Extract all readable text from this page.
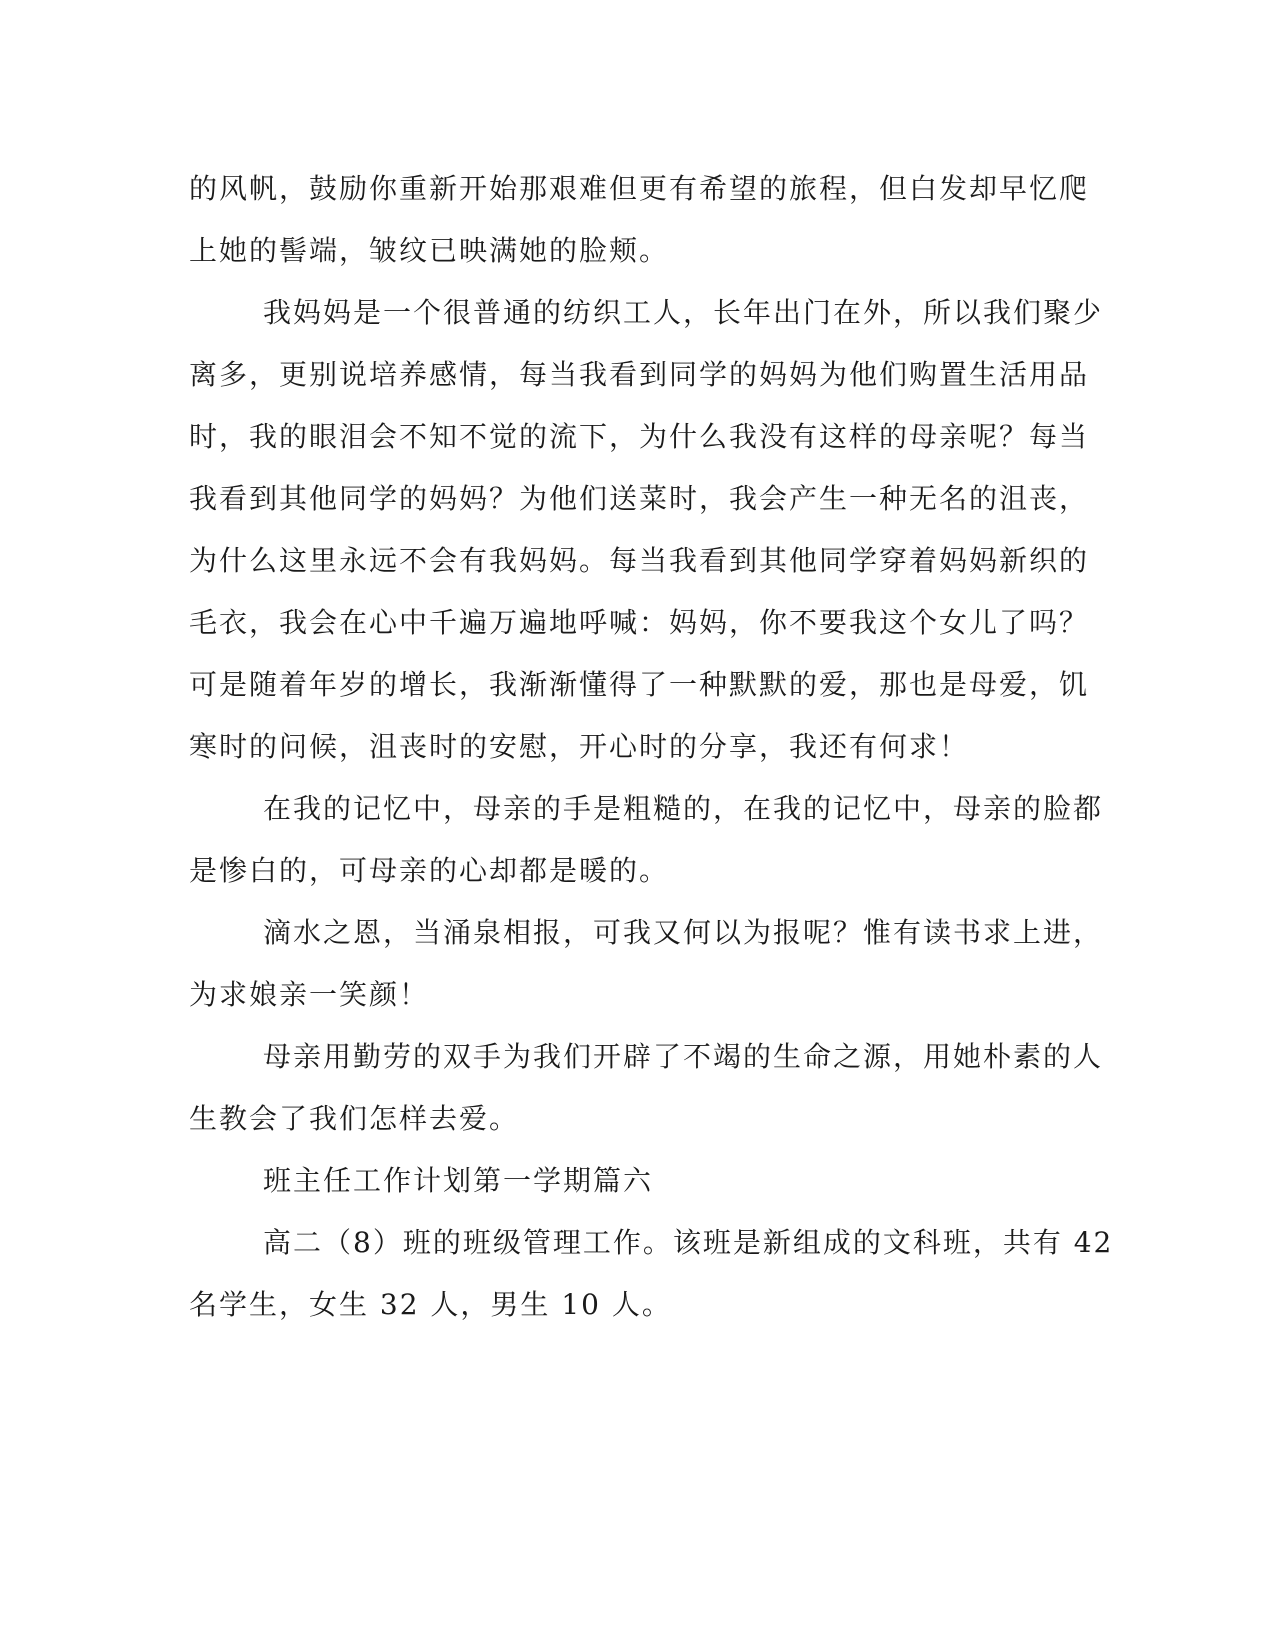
的风帆，鼓励你重新开始那艰难但更有希望的旅程，但白发却早忆爬
上她的髻端，皱纹已映满她的脸颊。
我妈妈是一个很普通的纺织工人，长年出门在外，所以我们聚少
离多，更别说培养感情，每当我看到同学的妈妈为他们购置生活用品
时，我的眼泪会不知不觉的流下，为什么我没有这样的母亲呢？每当
我看到其他同学的妈妈？为他们送菜时，我会产生一种无名的沮丧，
为什么这里永远不会有我妈妈。每当我看到其他同学穿着妈妈新织的
毛衣，我会在心中千遍万遍地呼喊：妈妈，你不要我这个女儿了吗？
可是随着年岁的增长，我渐渐懂得了一种默默的爱，那也是母爱，饥
寒时的问候，沮丧时的安慰，开心时的分享，我还有何求！
在我的记忆中，母亲的手是粗糙的，在我的记忆中，母亲的脸都
是惨白的，可母亲的心却都是暖的。
滴水之恩，当涌泉相报，可我又何以为报呢？惟有读书求上进，
为求娘亲一笑颜！
母亲用勤劳的双手为我们开辟了不竭的生命之源，用她朴素的人
生教会了我们怎样去爱。
班主任工作计划第一学期篇六
高二（8）班的班级管理工作。该班是新组成的文科班，共有 42
名学生，女生 32 人，男生 10 人。
